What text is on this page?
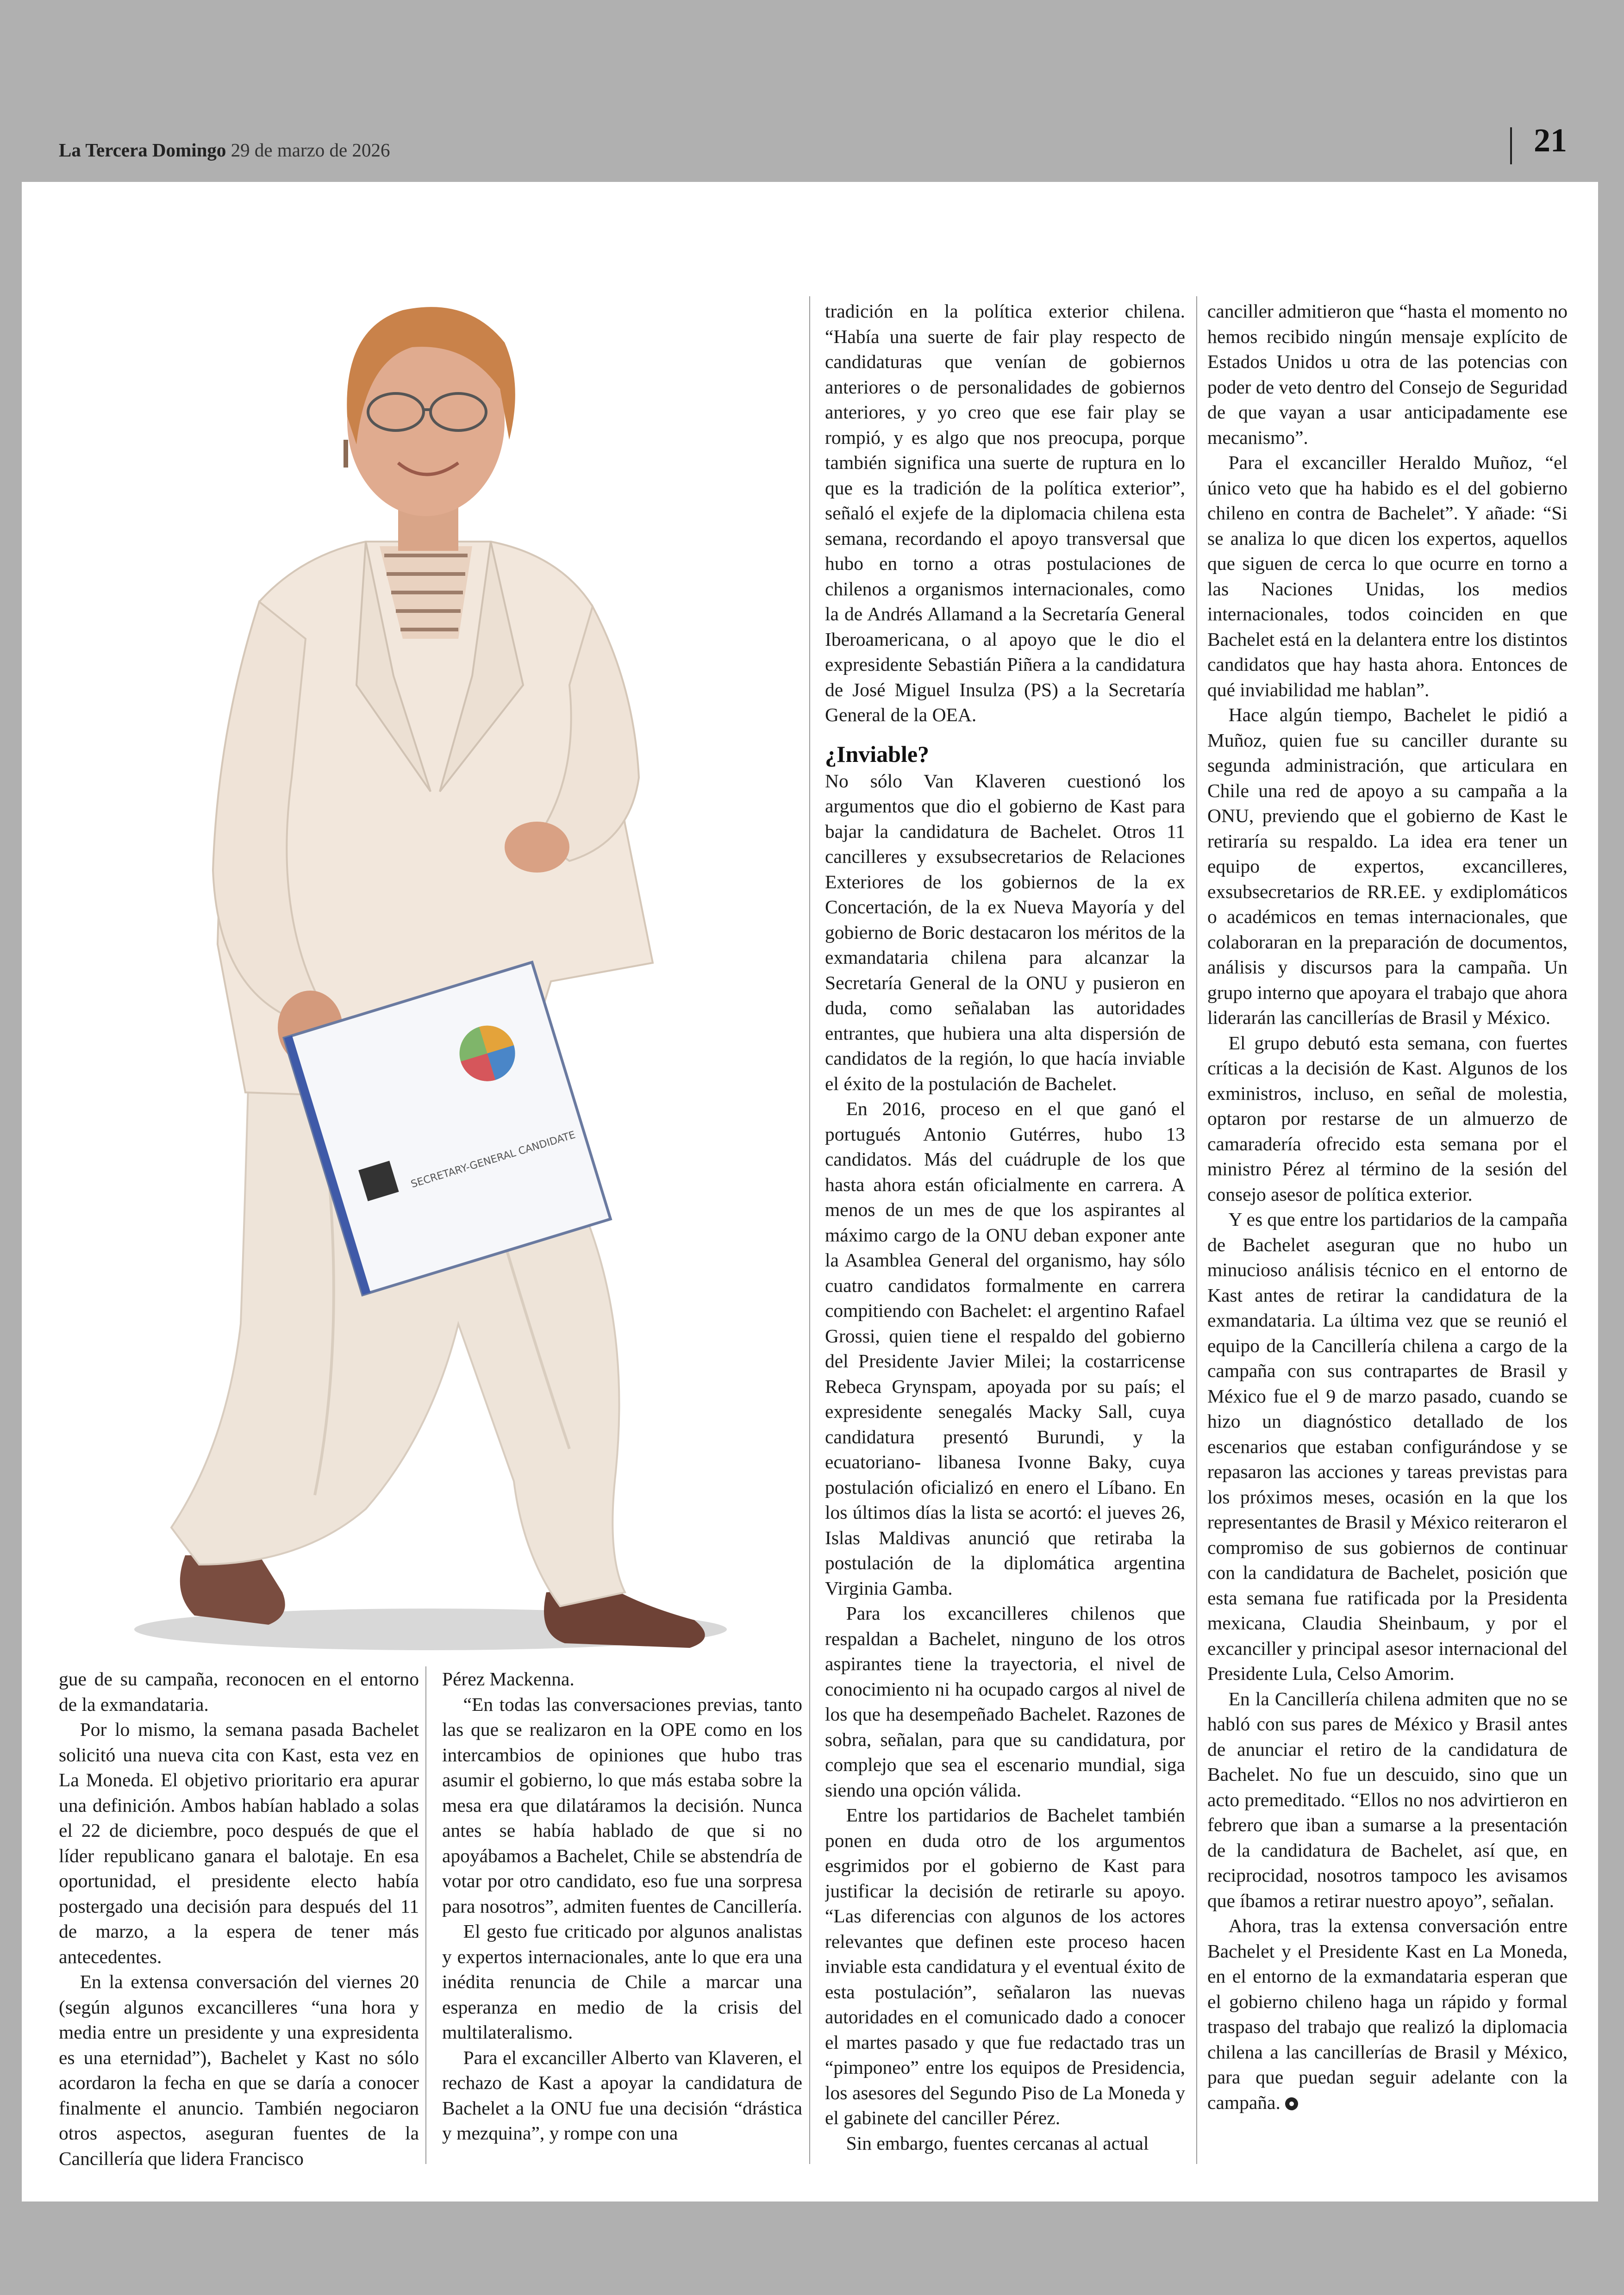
La Tercera Domingo 29 de marzo de 2026	21
SECRETARY-GENERAL CANDIDATE

gue de su campaña, reconocen en el entorno de la exmandataria.

Por lo mismo, la semana pasada Bachelet solicitó una nueva cita con Kast, esta vez en La Moneda. El objetivo prioritario era apurar una definición. Ambos habían hablado a solas el 22 de diciembre, poco después de que el líder republicano ganara el balotaje. En esa oportunidad, el presidente electo había postergado una decisión para después del 11 de marzo, a la espera de tener más antecedentes.

En la extensa conversación del viernes 20 (según algunos excancilleres “una hora y media entre un presidente y una expresidenta es una eternidad”), Bachelet y Kast no sólo acordaron la fecha en que se daría a conocer finalmente el anuncio. También negociaron otros aspectos, aseguran fuentes de la Cancillería que lidera Francisco

Pérez Mackenna.

“En todas las conversaciones previas, tanto las que se realizaron en la OPE como en los intercambios de opiniones que hubo tras asumir el gobierno, lo que más estaba sobre la mesa era que dilatáramos la decisión. Nunca antes se había hablado de que si no apoyábamos a Bachelet, Chile se abstendría de votar por otro candidato, eso fue una sorpresa para nosotros”, admiten fuentes de Cancillería.

El gesto fue criticado por algunos analistas y expertos internacionales, ante lo que era una inédita renuncia de Chile a marcar una esperanza en medio de la crisis del multilateralismo.

Para el excanciller Alberto van Klaveren, el rechazo de Kast a apoyar la candidatura de Bachelet a la ONU fue una decisión “drástica y mezquina”, y rompe con una

tradición en la política exterior chilena. “Había una suerte de fair play respecto de candidaturas que venían de gobiernos anteriores o de personalidades de gobiernos anteriores, y yo creo que ese fair play se rompió, y es algo que nos preocupa, porque también significa una suerte de ruptura en lo que es la tradición de la política exterior”, señaló el exjefe de la diplomacia chilena esta semana, recordando el apoyo transversal que hubo en torno a otras postulaciones de chilenos a organismos internacionales, como la de Andrés Allamand a la Secretaría General Iberoamericana, o al apoyo que le dio el expresidente Sebastián Piñera a la candidatura de José Miguel Insulza (PS) a la Secretaría General de la OEA.

¿Inviable?

No sólo Van Klaveren cuestionó los argumentos que dio el gobierno de Kast para bajar la candidatura de Bachelet. Otros 11 cancilleres y exsubsecretarios de Relaciones Exteriores de los gobiernos de la ex Concertación, de la ex Nueva Mayoría y del gobierno de Boric destacaron los méritos de la exmandataria chilena para alcanzar la Secretaría General de la ONU y pusieron en duda, como señalaban las autoridades entrantes, que hubiera una alta dispersión de candidatos de la región, lo que hacía inviable el éxito de la postulación de Bachelet.

En 2016, proceso en el que ganó el portugués Antonio Gutérres, hubo 13 candidatos. Más del cuádruple de los que hasta ahora están oficialmente en carrera. A menos de un mes de que los aspirantes al máximo cargo de la ONU deban exponer ante la Asamblea General del organismo, hay sólo cuatro candidatos formalmente en carrera compitiendo con Bachelet: el argentino Rafael Grossi, quien tiene el respaldo del gobierno del Presidente Javier Milei; la costarricense Rebeca Grynspam, apoyada por su país; el expresidente senegalés Macky Sall, cuya candidatura presentó Burundi, y la ecuatoriano- libanesa Ivonne Baky, cuya postulación oficializó en enero el Líbano. En los últimos días la lista se acortó: el jueves 26, Islas Maldivas anunció que retiraba la postulación de la diplomática argentina Virginia Gamba.

Para los excancilleres chilenos que respaldan a Bachelet, ninguno de los otros aspirantes tiene la trayectoria, el nivel de conocimiento ni ha ocupado cargos al nivel de los que ha desempeñado Bachelet. Razones de sobra, señalan, para que su candidatura, por complejo que sea el escenario mundial, siga siendo una opción válida.

Entre los partidarios de Bachelet también ponen en duda otro de los argumentos esgrimidos por el gobierno de Kast para justificar la decisión de retirarle su apoyo. “Las diferencias con algunos de los actores relevantes que definen este proceso hacen inviable esta candidatura y el eventual éxito de esta postulación”, señalaron las nuevas autoridades en el comunicado dado a conocer el martes pasado y que fue redactado tras un “pimponeo” entre los equipos de Presidencia, los asesores del Segundo Piso de La Moneda y el gabinete del canciller Pérez.

Sin embargo, fuentes cercanas al actual

canciller admitieron que “hasta el momento no hemos recibido ningún mensaje explícito de Estados Unidos u otra de las potencias con poder de veto dentro del Consejo de Seguridad de que vayan a usar anticipadamente ese mecanismo”.

Para el excanciller Heraldo Muñoz, “el único veto que ha habido es el del gobierno chileno en contra de Bachelet”. Y añade: “Si se analiza lo que dicen los expertos, aquellos que siguen de cerca lo que ocurre en torno a las Naciones Unidas, los medios internacionales, todos coinciden en que Bachelet está en la delantera entre los distintos candidatos que hay hasta ahora. Entonces de qué inviabilidad me hablan”.

Hace algún tiempo, Bachelet le pidió a Muñoz, quien fue su canciller durante su segunda administración, que articulara en Chile una red de apoyo a su campaña a la ONU, previendo que el gobierno de Kast le retiraría su respaldo. La idea era tener un equipo de expertos, excancilleres, exsubsecretarios de RR.EE. y exdiplomáticos o académicos en temas internacionales, que colaboraran en la preparación de documentos, análisis y discursos para la campaña. Un grupo interno que apoyara el trabajo que ahora liderarán las cancillerías de Brasil y México.

El grupo debutó esta semana, con fuertes críticas a la decisión de Kast. Algunos de los exministros, incluso, en señal de molestia, optaron por restarse de un almuerzo de camaradería ofrecido esta semana por el ministro Pérez al término de la sesión del consejo asesor de política exterior.

Y es que entre los partidarios de la campaña de Bachelet aseguran que no hubo un minucioso análisis técnico en el entorno de Kast antes de retirar la candidatura de la exmandataria. La última vez que se reunió el equipo de la Cancillería chilena a cargo de la campaña con sus contrapartes de Brasil y México fue el 9 de marzo pasado, cuando se hizo un diagnóstico detallado de los escenarios que estaban configurándose y se repasaron las acciones y tareas previstas para los próximos meses, ocasión en la que los representantes de Brasil y México reiteraron el compromiso de sus gobiernos de continuar con la candidatura de Bachelet, posición que esta semana fue ratificada por la Presidenta mexicana, Claudia Sheinbaum, y por el excanciller y principal asesor internacional del Presidente Lula, Celso Amorim.

En la Cancillería chilena admiten que no se habló con sus pares de México y Brasil antes de anunciar el retiro de la candidatura de Bachelet. No fue un descuido, sino que un acto premeditado. “Ellos no nos advirtieron en febrero que iban a sumarse a la presentación de la candidatura de Bachelet, así que, en reciprocidad, nosotros tampoco les avisamos que íbamos a retirar nuestro apoyo”, señalan.

Ahora, tras la extensa conversación entre Bachelet y el Presidente Kast en La Moneda, en el entorno de la exmandataria esperan que el gobierno chileno haga un rápido y formal traspaso del trabajo que realizó la diplomacia chilena a las cancillerías de Brasil y México, para que puedan seguir adelante con la campaña.
